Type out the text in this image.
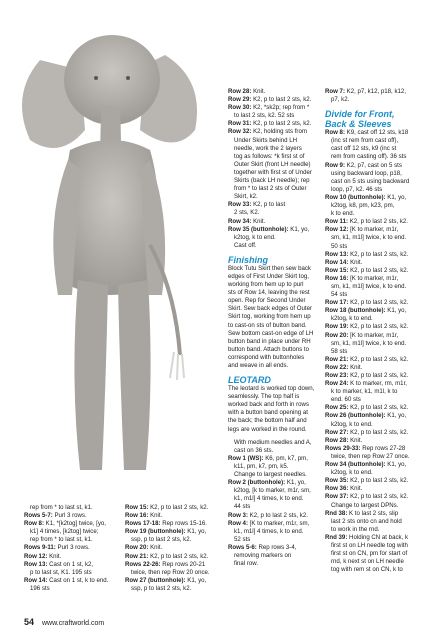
rep from * to last st, k1.
Rows 5-7: Purl 3 rows.
Row 8: K1, *[k2tog] twice, [yo,
k1] 4 times, [k2tog] twice;
rep from * to last st, k1.
Rows 9-11: Purl 3 rows.
Row 12: Knit.
Row 13: Cast on 1 st, k2,
p to last st, K1. 195 sts
Row 14: Cast on 1 st, k to end.
196 sts
Row 15: K2, p to last 2 sts, k2.
Row 16: Knit.
Rows 17-18: Rep rows 15-16.
Row 19 (buttonhole): K1, yo,
ssp, p to last 2 sts, k2.
Row 20: Knit.
Row 21: K2, p to last 2 sts, k2.
Rows 22-26: Rep rows 20-21
twice, then rep Row 20 once.
Row 27 (buttonhole): K1, yo,
ssp, p to last 2 sts, k2.
Row 28: Knit.
Row 29: K2, p to last 2 sts, k2.
Row 30: K2, *sk2p; rep from *
to last 2 sts, k2. 52 sts
Row 31: K2, p to last 2 sts, k2.
Row 32: K2, holding sts from
Under Skirts behind LH
needle, work the 2 layers
tog as follows: *k first st of
Outer Skirt (front LH needle)
together with first st of Under
Skirts (back LH needle); rep
from * to last 2 sts of Outer
Skirt, k2.
Row 33: K2, p to last
2 sts, K2.
Row 34: Knit.
Row 35 (buttonhole): K1, yo,
k2tog, k to end.
Cast off.
Finishing
Block Tutu Skirt then sew back
edges of First Under Skirt tog,
working from hem up to purl
sts of Row 14, leaving the rest
open. Rep for Second Under
Skirt. Sew back edges of Outer
Skirt tog, working from hem up
to cast-on sts of button band.
Sew bottom cast-on edge of LH
button band in place under RH
button band. Attach buttons to
correspond with buttonholes
and weave in all ends.
LEOTARD
The leotard is worked top down,
seamlessly. The top half is
worked back and forth in rows
with a button band opening at
the back; the bottom half and
legs are worked in the round.
With medium needles and A,
cast on 36 sts.
Row 1 (WS): K6, pm, k7, pm,
k11, pm, k7, pm, k5.
Change to largest needles.
Row 2 (buttonhole): K1, yo,
k2tog, [k to marker, m1r, sm,
k1, m1l] 4 times, k to end.
44 sts
Row 3: K2, p to last 2 sts, k2.
Row 4: [K to marker, m1r, sm,
k1, m1l] 4 times, k to end.
52 sts
Rows 5-6: Rep rows 3-4,
removing markers on
final row.
Row 7: K2, p7, k12, p18, k12,
p7, k2.
Divide for Front,
Back & Sleeves
Row 8: K9, cast off 12 sts, k18
(inc st rem from cast off),
cast off 12 sts, k9 (inc st
rem from casting off). 36 sts
Row 9: K2, p7, cast on 5 sts
using backward loop, p18,
cast on 5 sts using backward
loop, p7, k2. 46 sts
Row 10 (buttonhole): K1, yo,
k2tog, k8, pm, k23, pm,
k to end.
Row 11: K2, p to last 2 sts, k2.
Row 12: [K to marker, m1r,
sm, k1, m1l] twice, k to end.
50 sts
Row 13: K2, p to last 2 sts, k2.
Row 14: Knit.
Row 15: K2, p to last 2 sts, k2.
Row 16: [K to marker, m1r,
sm, k1, m1l] twice, k to end.
54 sts
Row 17: K2, p to last 2 sts, k2.
Row 18 (buttonhole): K1, yo,
k2tog, k to end.
Row 19: K2, p to last 2 sts, k2.
Row 20: [K to marker, m1r,
sm, k1, m1l] twice, k to end.
58 sts
Row 21: K2, p to last 2 sts, k2.
Row 22: Knit.
Row 23: K2, p to last 2 sts, k2.
Row 24: K to marker, rm, m1r,
k to marker, k1, m1l, k to
end. 60 sts
Row 25: K2, p to last 2 sts, k2.
Row 26 (buttonhole): K1, yo,
k2tog, k to end.
Row 27: K2, p to last 2 sts, k2.
Row 28: Knit.
Rows 29-33: Rep rows 27-28
twice, then rep Row 27 once.
Row 34 (buttonhole): K1, yo,
k2tog, k to end.
Row 35: K2, p to last 2 sts, k2.
Row 36: Knit.
Row 37: K2, p to last 2 sts, k2.
Change to largest DPNs.
Rnd 38: K to last 2 sts, slip
last 2 sts onto cn and hold
to work in the rnd.
Rnd 39: Holding CN at back, k
first st on LH needle tog with
first st on CN, pm for start of
rnd, k next st on LH needle
tog with rem st on CN, k to
54 www.craftworld.com
